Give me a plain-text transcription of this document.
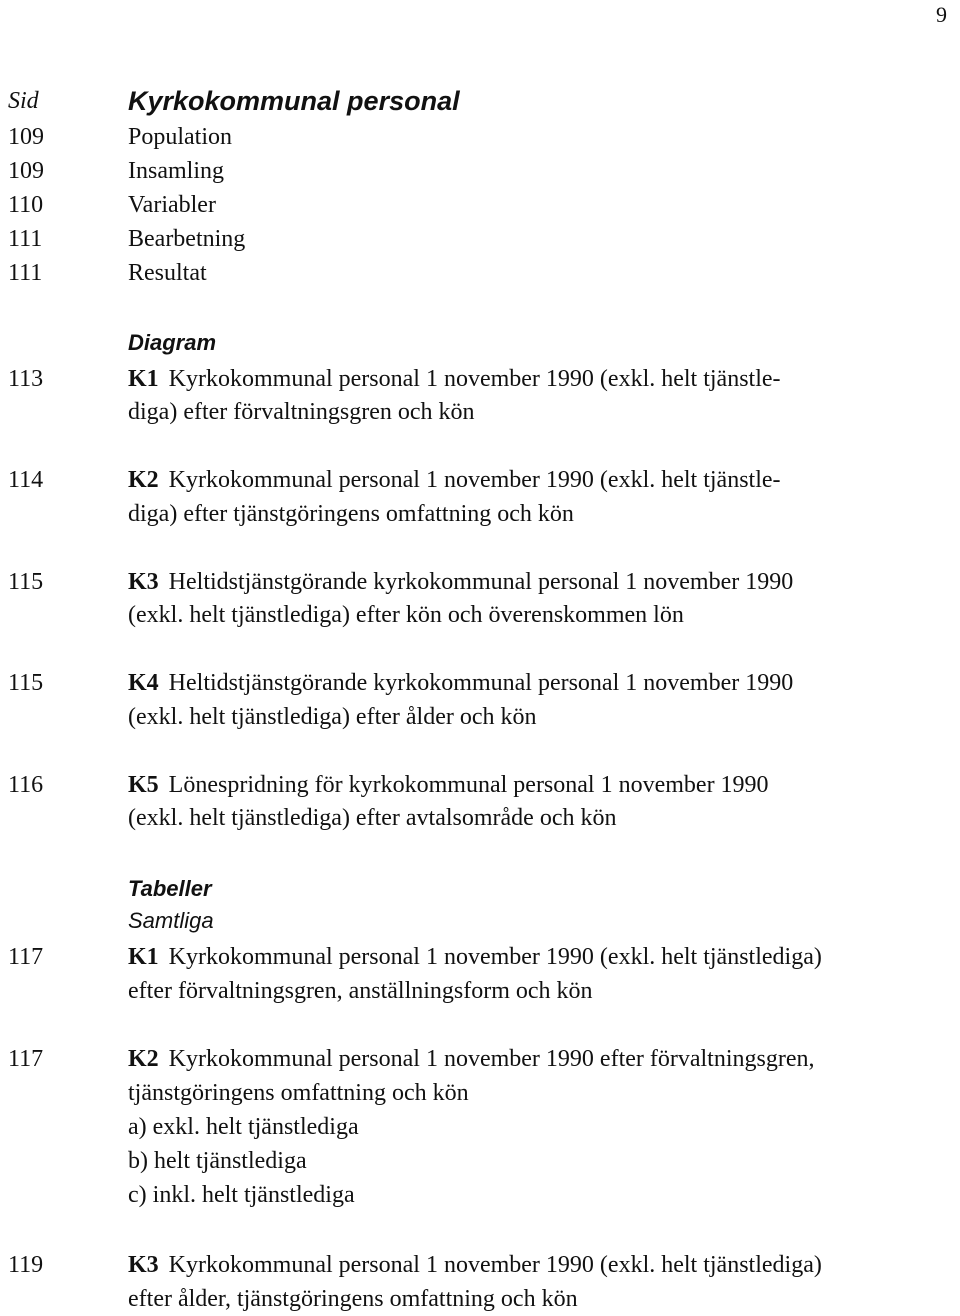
9
Sid	Kyrkokommunal personal
109	Population
109	Insamling
110	Variabler
111	Bearbetning
111	Resultat
Diagram
113	K1 Kyrkokommunal personal 1 november 1990 (exkl. helt tjänstle-
diga) efter förvaltningsgren och kön
114	K2 Kyrkokommunal personal 1 november 1990 (exkl. helt tjänstle-
diga) efter tjänstgöringens omfattning och kön
115	K3 Heltidstjänstgörande kyrkokommunal personal 1 november 1990
(exkl. helt tjänstlediga) efter kön och överenskommen lön
115	K4 Heltidstjänstgörande kyrkokommunal personal 1 november 1990
(exkl. helt tjänstlediga) efter ålder och kön
116	K5 Lönespridning för kyrkokommunal personal 1 november 1990
(exkl. helt tjänstlediga) efter avtalsområde och kön
Tabeller
Samtliga
117	K1 Kyrkokommunal personal 1 november 1990 (exkl. helt tjänstlediga)
efter förvaltningsgren, anställningsform och kön
117	K2 Kyrkokommunal personal 1 november 1990 efter förvaltningsgren,
tjänstgöringens omfattning och kön
a) exkl. helt tjänstlediga
b) helt tjänstlediga
c) inkl. helt tjänstlediga
119	K3 Kyrkokommunal personal 1 november 1990 (exkl. helt tjänstlediga)
efter ålder, tjänstgöringens omfattning och kön
